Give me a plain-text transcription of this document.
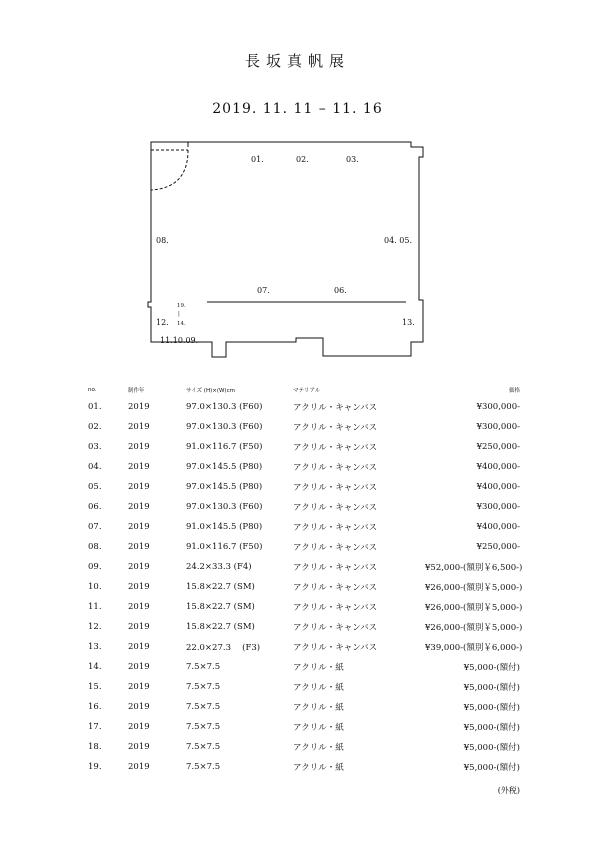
長坂真帆展
2019. 11. 11 – 11. 16
01.	02.	03.
04. 05.
08.
07.	06.
19.
|
14.
12.	13.
11.10.09.
no.	制作年	サイズ (H)×(W)cm	マテリアル	価格
01.	2019	97.0×130.3 (F60)	アクリル・キャンバス	¥300,000-
02.	2019	97.0×130.3 (F60)	アクリル・キャンバス	¥300,000-
03.	2019	91.0×116.7 (F50)	アクリル・キャンバス	¥250,000-
04.	2019	97.0×145.5 (P80)	アクリル・キャンバス	¥400,000-
05.	2019	97.0×145.5 (P80)	アクリル・キャンバス	¥400,000-
06.	2019	97.0×130.3 (F60)	アクリル・キャンバス	¥300,000-
07.	2019	91.0×145.5 (P80)	アクリル・キャンバス	¥400,000-
08.	2019	91.0×116.7 (F50)	アクリル・キャンバス	¥250,000-
09.	2019	24.2×33.3 (F4)	アクリル・キャンバス	¥52,000-(額別￥6,500-)
10.	2019	15.8×22.7 (SM)	アクリル・キャンバス	¥26,000-(額別￥5,000-)
11.	2019	15.8×22.7 (SM)	アクリル・キャンバス	¥26,000-(額別￥5,000-)
12.	2019	15.8×22.7 (SM)	アクリル・キャンバス	¥26,000-(額別￥5,000-)
13.	2019	22.0×27.3 　(F3)	アクリル・キャンバス	¥39,000-(額別￥6,000-)
14.	2019	7.5×7.5	アクリル・紙	¥5,000-(額付)
15.	2019	7.5×7.5	アクリル・紙	¥5,000-(額付)
16.	2019	7.5×7.5	アクリル・紙	¥5,000-(額付)
17.	2019	7.5×7.5	アクリル・紙	¥5,000-(額付)
18.	2019	7.5×7.5	アクリル・紙	¥5,000-(額付)
19.	2019	7.5×7.5	アクリル・紙	¥5,000-(額付)
(外税)
